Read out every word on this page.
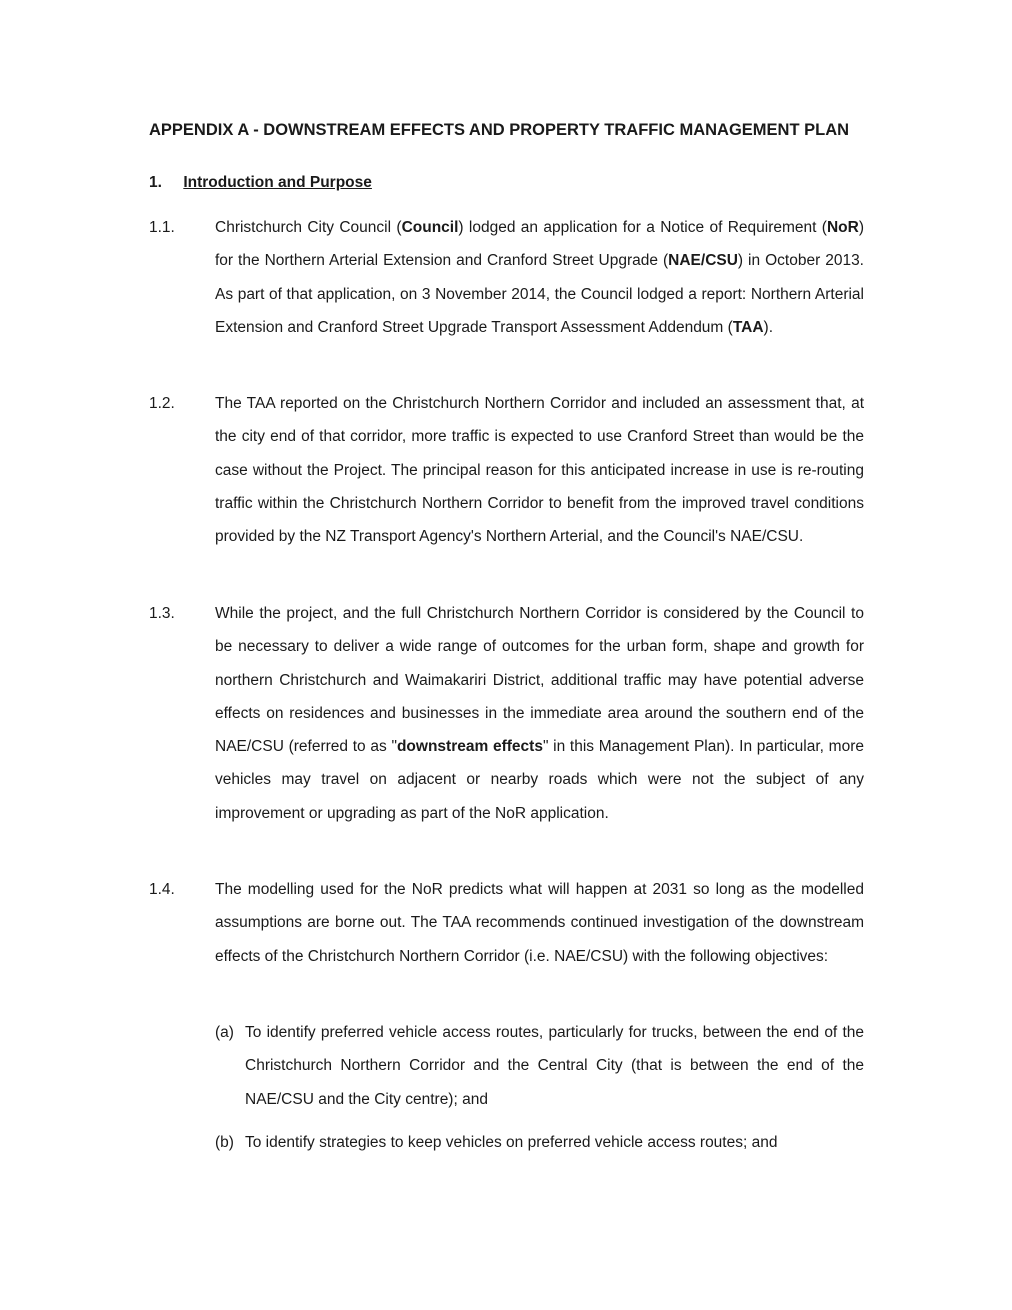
APPENDIX A - DOWNSTREAM EFFECTS AND PROPERTY TRAFFIC MANAGEMENT PLAN
1. Introduction and Purpose
1.1.	Christchurch City Council (Council) lodged an application for a Notice of Requirement (NoR) for the Northern Arterial Extension and Cranford Street Upgrade (NAE/CSU) in October 2013. As part of that application, on 3 November 2014, the Council lodged a report: Northern Arterial Extension and Cranford Street Upgrade Transport Assessment Addendum (TAA).
1.2.	The TAA reported on the Christchurch Northern Corridor and included an assessment that, at the city end of that corridor, more traffic is expected to use Cranford Street than would be the case without the Project. The principal reason for this anticipated increase in use is re-routing traffic within the Christchurch Northern Corridor to benefit from the improved travel conditions provided by the NZ Transport Agency's Northern Arterial, and the Council's NAE/CSU.
1.3.	While the project, and the full Christchurch Northern Corridor is considered by the Council to be necessary to deliver a wide range of outcomes for the urban form, shape and growth for northern Christchurch and Waimakariri District, additional traffic may have potential adverse effects on residences and businesses in the immediate area around the southern end of the NAE/CSU (referred to as "downstream effects" in this Management Plan). In particular, more vehicles may travel on adjacent or nearby roads which were not the subject of any improvement or upgrading as part of the NoR application.
1.4.	The modelling used for the NoR predicts what will happen at 2031 so long as the modelled assumptions are borne out. The TAA recommends continued investigation of the downstream effects of the Christchurch Northern Corridor (i.e. NAE/CSU) with the following objectives:
(a) To identify preferred vehicle access routes, particularly for trucks, between the end of the Christchurch Northern Corridor and the Central City (that is between the end of the NAE/CSU and the City centre); and
(b) To identify strategies to keep vehicles on preferred vehicle access routes; and
